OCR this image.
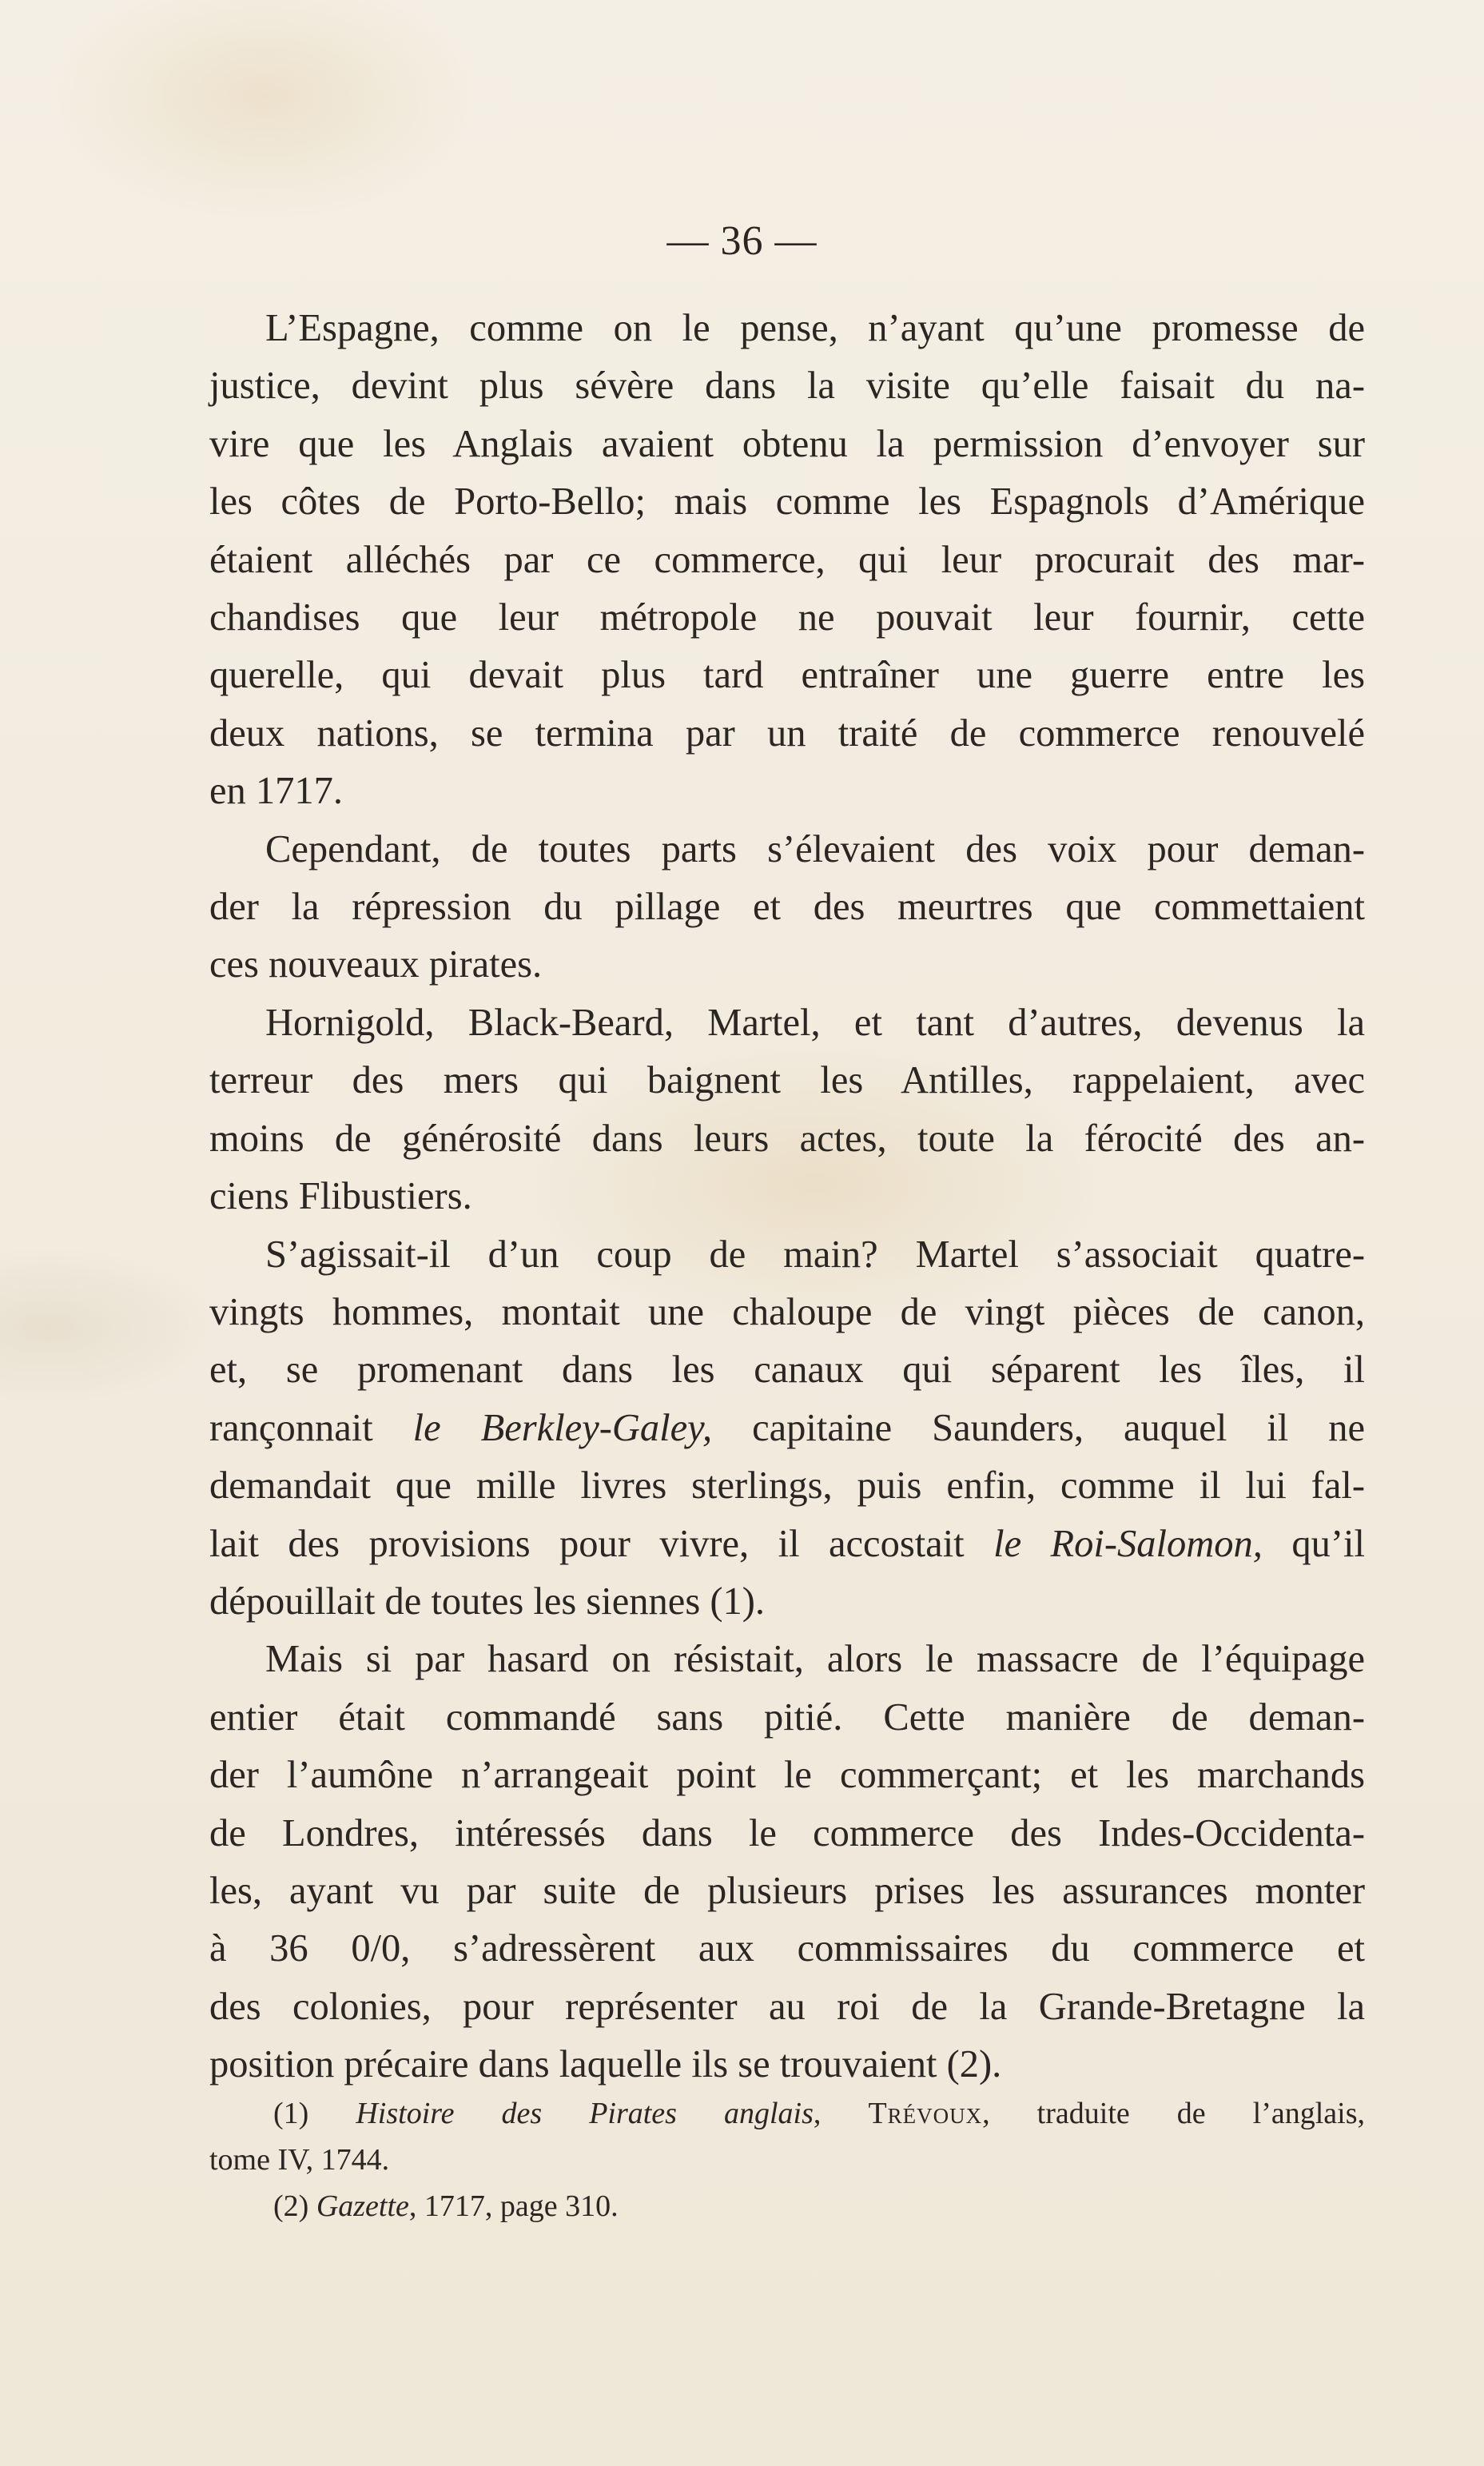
— 36 —
L’Espagne, comme on le pense, n’ayant qu’une promesse de
justice, devint plus sévère dans la visite qu’elle faisait du na-
vire que les Anglais avaient obtenu la permission d’envoyer sur
les côtes de Porto-Bello; mais comme les Espagnols d’Amérique
étaient alléchés par ce commerce, qui leur procurait des mar-
chandises que leur métropole ne pouvait leur fournir, cette
querelle, qui devait plus tard entraîner une guerre entre les
deux nations, se termina par un traité de commerce renouvelé
en 1717.
Cependant, de toutes parts s’élevaient des voix pour deman-
der la répression du pillage et des meurtres que commettaient
ces nouveaux pirates.
Hornigold, Black-Beard, Martel, et tant d’autres, devenus la
terreur des mers qui baignent les Antilles, rappelaient, avec
moins de générosité dans leurs actes, toute la férocité des an-
ciens Flibustiers.
S’agissait-il d’un coup de main? Martel s’associait quatre-
vingts hommes, montait une chaloupe de vingt pièces de canon,
et, se promenant dans les canaux qui séparent les îles, il
rançonnait le Berkley-Galey, capitaine Saunders, auquel il ne
demandait que mille livres sterlings, puis enfin, comme il lui fal-
lait des provisions pour vivre, il accostait le Roi-Salomon, qu’il
dépouillait de toutes les siennes (1).
Mais si par hasard on résistait, alors le massacre de l’équipage
entier était commandé sans pitié. Cette manière de deman-
der l’aumône n’arrangeait point le commerçant; et les marchands
de Londres, intéressés dans le commerce des Indes-Occidenta-
les, ayant vu par suite de plusieurs prises les assurances monter
à 36 0/0, s’adressèrent aux commissaires du commerce et
des colonies, pour représenter au roi de la Grande-Bretagne la
position précaire dans laquelle ils se trouvaient (2).
(1) Histoire des Pirates anglais, Trévoux, traduite de l’anglais,
tome IV, 1744.
(2) Gazette, 1717, page 310.
